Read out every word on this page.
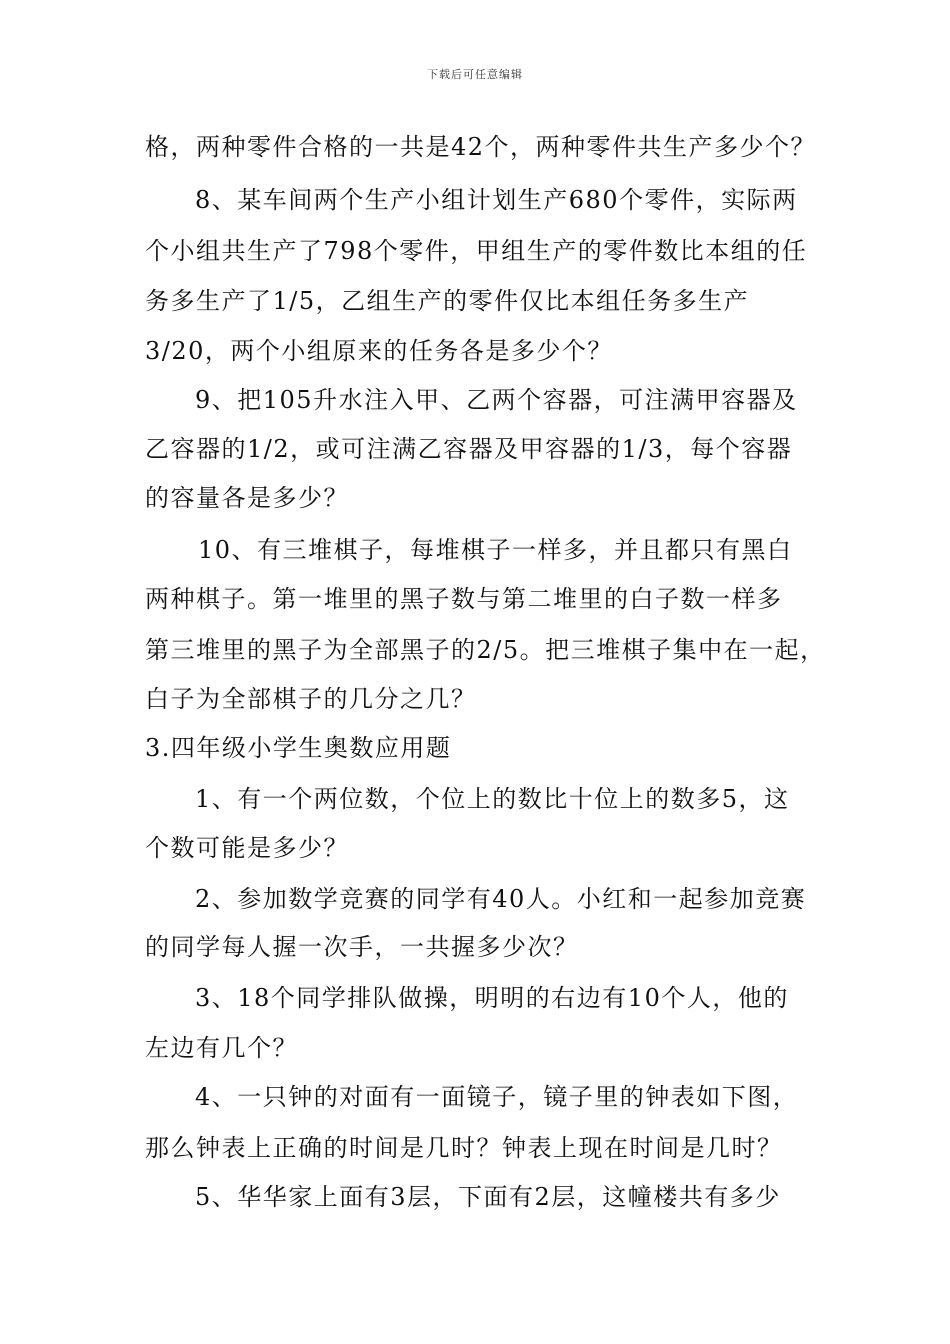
下载后可任意编辑
格，两种零件合格的一共是42个，两种零件共生产多少个？
8、某车间两个生产小组计划生产680个零件，实际两
个小组共生产了798个零件，甲组生产的零件数比本组的任
务多生产了1/5，乙组生产的零件仅比本组任务多生产
3/20，两个小组原来的任务各是多少个？
9、把105升水注入甲、乙两个容器，可注满甲容器及
乙容器的1/2，或可注满乙容器及甲容器的1/3，每个容器
的容量各是多少？
10、有三堆棋子，每堆棋子一样多，并且都只有黑白
两种棋子。第一堆里的黑子数与第二堆里的白子数一样多
第三堆里的黑子为全部黑子的2/5。把三堆棋子集中在一起，
白子为全部棋子的几分之几？
3.四年级小学生奥数应用题
1、有一个两位数，个位上的数比十位上的数多5，这
个数可能是多少？
2、参加数学竞赛的同学有40人。小红和一起参加竞赛
的同学每人握一次手，一共握多少次？
3、18个同学排队做操，明明的右边有10个人，他的
左边有几个？
4、一只钟的对面有一面镜子，镜子里的钟表如下图，
那么钟表上正确的时间是几时？钟表上现在时间是几时？
5、华华家上面有3层，下面有2层，这幢楼共有多少
